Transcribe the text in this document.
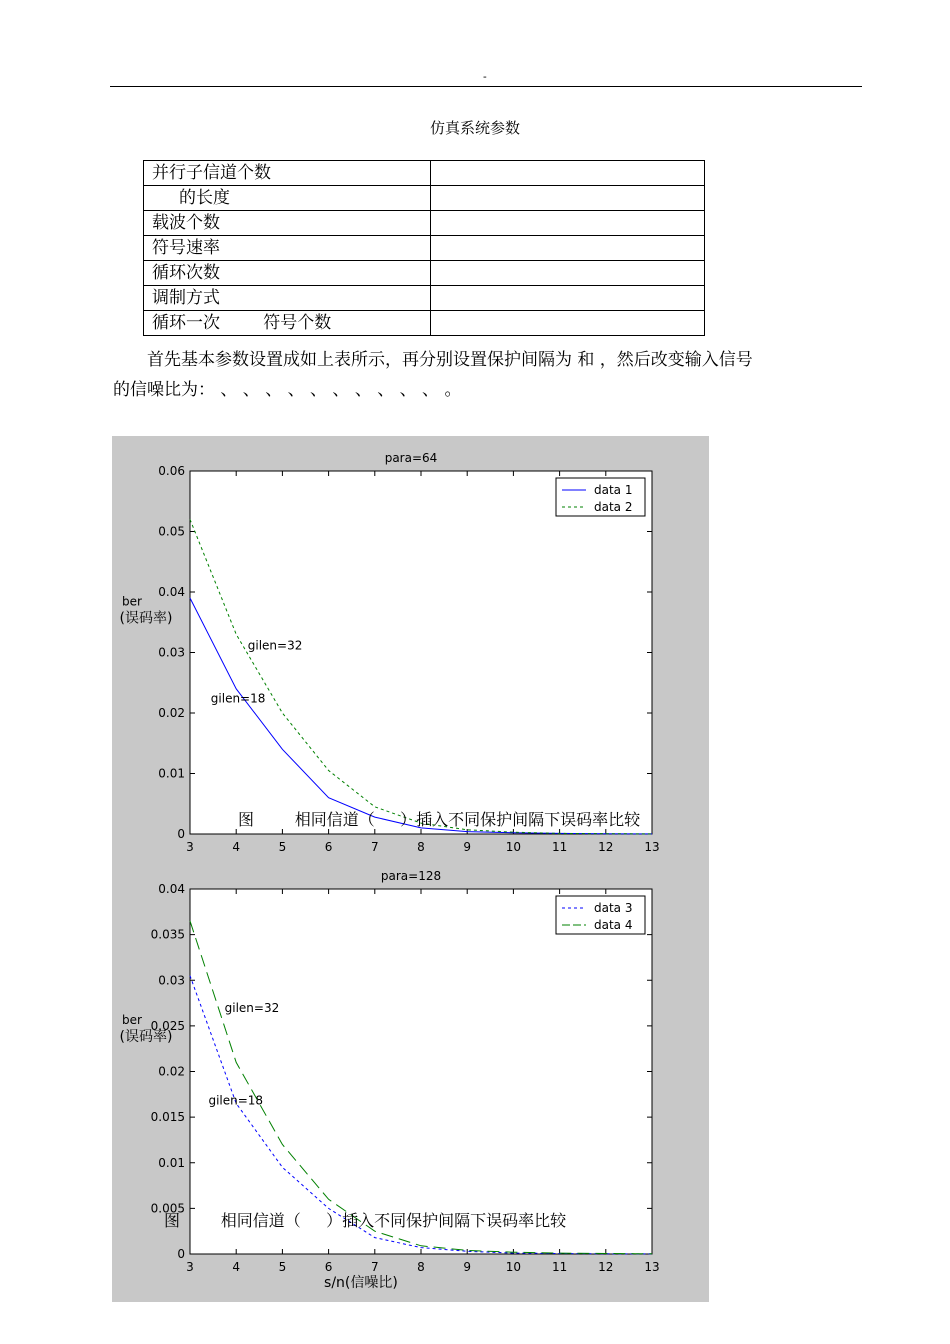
-
仿真系统参数
并行子信道个数	
的长度	
载波个数	
符号速率	
循环次数	
调制方式	
循环一次        符号个数	

首先基本参数设置成如上表所示，再分别设置保护间隔为 和 ，然后改变输入信号

的信噪比为： 、 、 、 、 、 、 、 、 、 、 。

para=64
3	4	5	6	7	8	9	10	11	12	13
0
0.01
0.02
0.03
0.04
0.05
0.06
ber
(误码率)
gilen=32
gilen=18
data 1
data 2
para=128
3	4	5	6	7	8	9	10	11	12	13
0
0.005
0.01
0.015
0.02
0.025
0.03
0.035
0.04
ber
(误码率)
s/n(信噪比)
gilen=32
gilen=18
data 3
data 4
图        相同信道（     ）插入不同保护间隔下误码率比较
图        相同信道（     ）插入不同保护间隔下误码率比较
